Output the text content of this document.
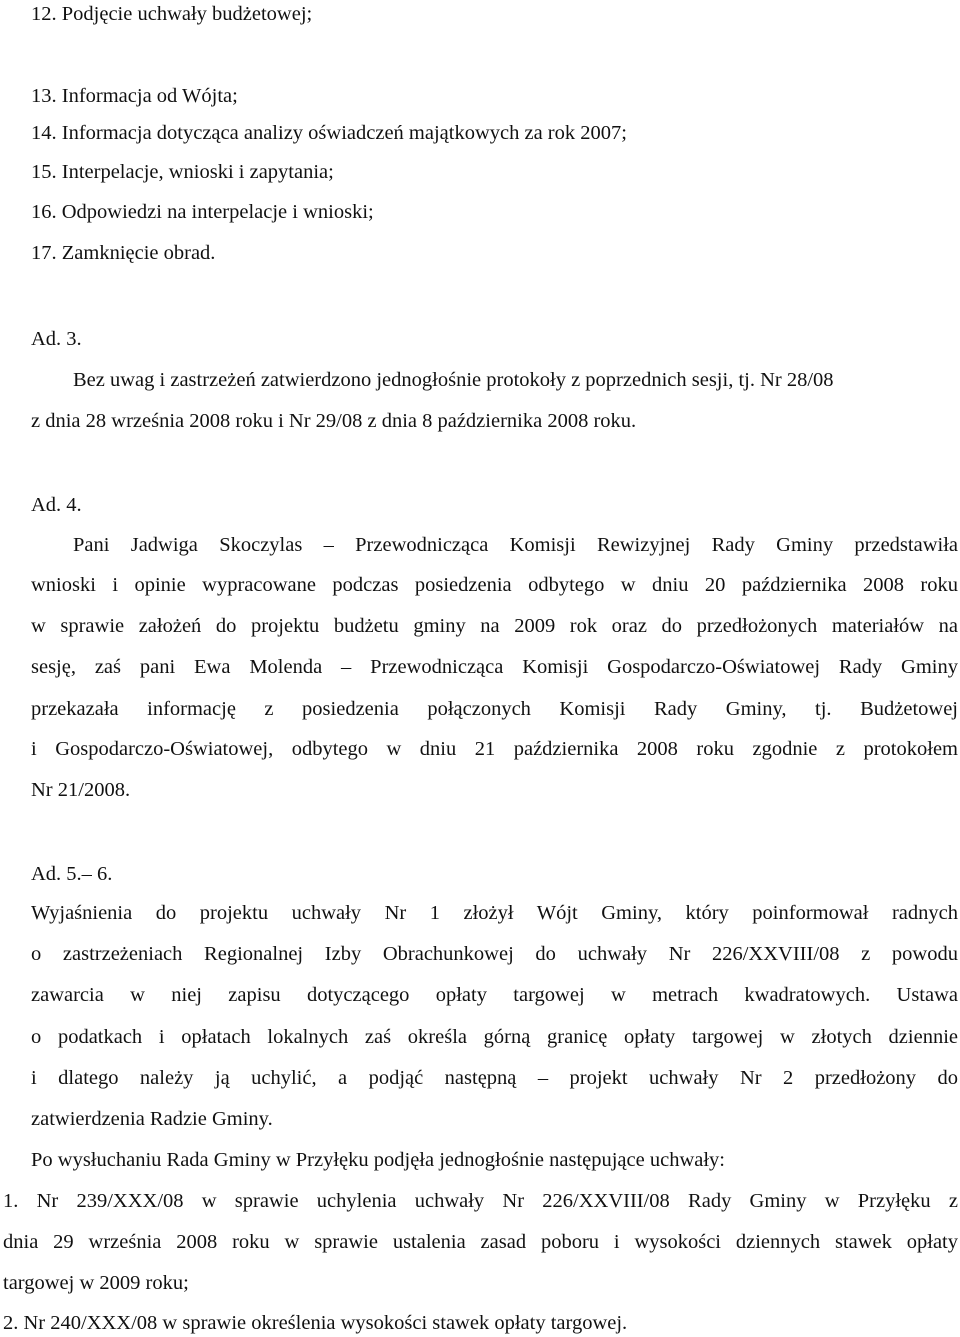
12. Podjęcie uchwały budżetowej;

13. Informacja od Wójta;

14. Informacja dotycząca analizy oświadczeń majątkowych za rok 2007;

15. Interpelacje, wnioski i zapytania;

16. Odpowiedzi na interpelacje i wnioski;

17. Zamknięcie obrad.

Ad. 3.

Bez uwag i zastrzeżeń zatwierdzono jednogłośnie protokoły z poprzednich sesji, tj. Nr 28/08

z dnia 28 września 2008 roku i Nr 29/08 z dnia 8 października 2008 roku.

Ad. 4.

Pani Jadwiga Skoczylas – Przewodnicząca Komisji Rewizyjnej Rady Gminy przedstawiła

wnioski i opinie wypracowane podczas posiedzenia odbytego w dniu 20 października 2008 roku

w sprawie założeń do projektu budżetu gminy na 2009 rok oraz do przedłożonych materiałów na

sesję, zaś pani Ewa Molenda – Przewodnicząca Komisji Gospodarczo-Oświatowej Rady Gminy

przekazała informację z posiedzenia połączonych Komisji Rady Gminy, tj. Budżetowej

i Gospodarczo-Oświatowej, odbytego w dniu 21 października 2008 roku zgodnie z protokołem

Nr 21/2008.

Ad. 5.– 6.

Wyjaśnienia do projektu uchwały Nr 1 złożył Wójt Gminy, który poinformował radnych

o zastrzeżeniach Regionalnej Izby Obrachunkowej do uchwały Nr 226/XXVIII/08 z powodu

zawarcia w niej zapisu dotyczącego opłaty targowej w metrach kwadratowych. Ustawa

o podatkach i opłatach lokalnych zaś określa górną granicę opłaty targowej w złotych dziennie

i dlatego należy ją uchylić, a podjąć następną – projekt uchwały Nr 2 przedłożony do

zatwierdzenia Radzie Gminy.

Po wysłuchaniu Rada Gminy w Przyłęku podjęła jednogłośnie następujące uchwały:

1. Nr 239/XXX/08 w sprawie uchylenia uchwały Nr 226/XXVIII/08 Rady Gminy w Przyłęku z

dnia 29 września 2008 roku w sprawie ustalenia zasad poboru i wysokości dziennych stawek opłaty

targowej w 2009 roku;

2. Nr 240/XXX/08 w sprawie określenia wysokości stawek opłaty targowej.
